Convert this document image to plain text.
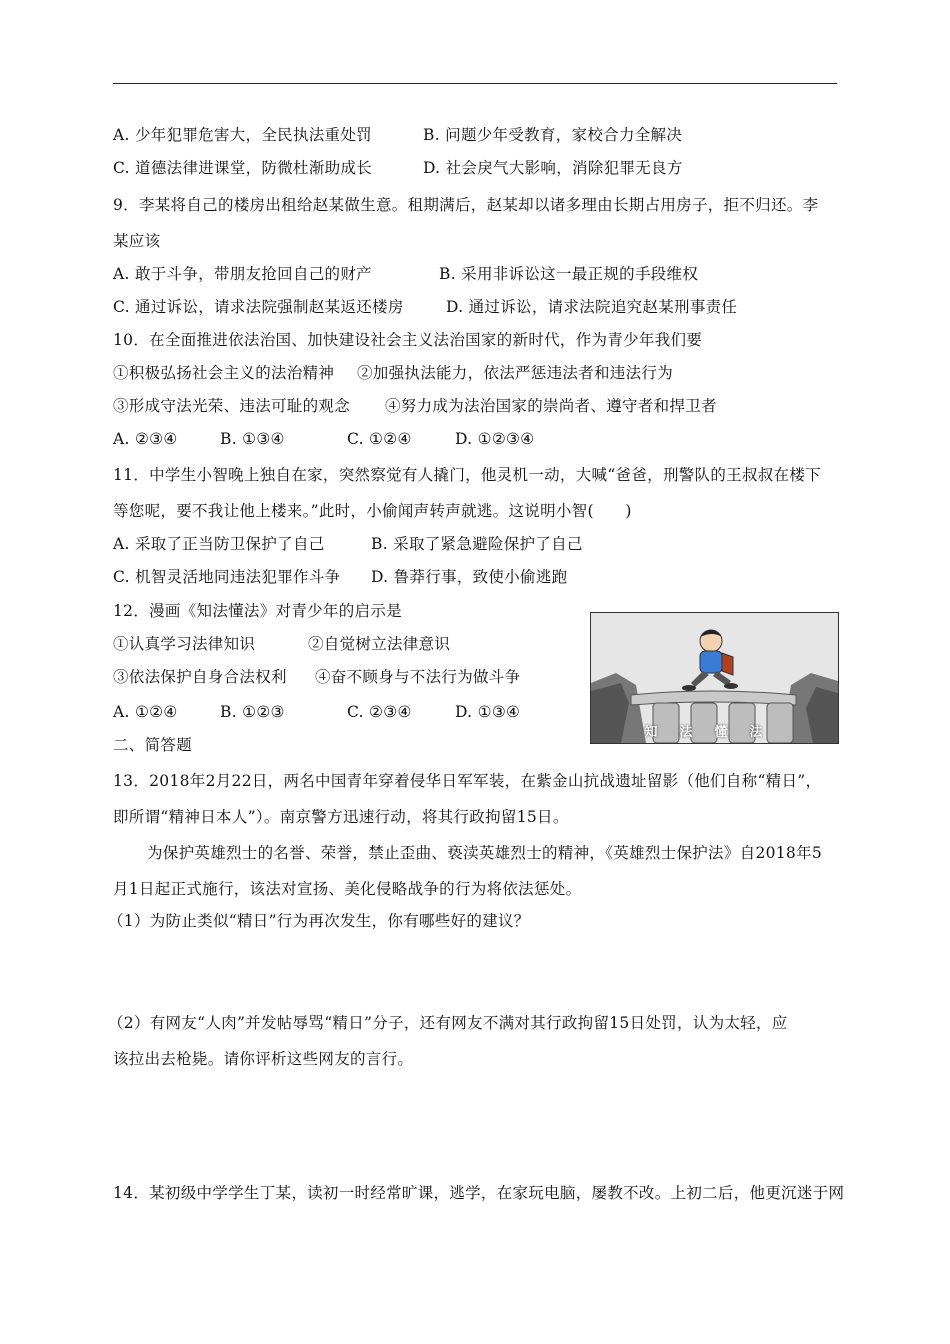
A. 少年犯罪危害大，全民执法重处罚	B. 问题少年受教育，家校合力全解决
C. 道德法律进课堂，防微杜渐助成长	D. 社会戾气大影响，消除犯罪无良方
9．李某将自己的楼房出租给赵某做生意。租期满后，赵某却以诸多理由长期占用房子，拒不归还。李
某应该
A. 敢于斗争，带朋友抢回自己的财产	B. 采用非诉讼这一最正规的手段维权
C. 通过诉讼，请求法院强制赵某返还楼房	D. 通过诉讼，请求法院追究赵某刑事责任
10．在全面推进依法治国、加快建设社会主义法治国家的新时代，作为青少年我们要
①积极弘扬社会主义的法治精神 ②加强执法能力，依法严惩违法者和违法行为
③形成守法光荣、违法可耻的观念 ④努力成为法治国家的崇尚者、遵守者和捍卫者
A. ②③④	B. ①③④	C. ①②④	D. ①②③④
11．中学生小智晚上独自在家，突然察觉有人撬门，他灵机一动，大喊“爸爸，刑警队的王叔叔在楼下
等您呢，要不我让他上楼来。”此时，小偷闻声转声就逃。这说明小智(　　)
A. 采取了正当防卫保护了自己	B. 采取了紧急避险保护了自己
C. 机智灵活地同违法犯罪作斗争 D. 鲁莽行事，致使小偷逃跑
12．漫画《知法懂法》对青少年的启示是
①认真学习法律知识	②自觉树立法律意识
③依法保护自身合法权利 ④奋不顾身与不法行为做斗争
A. ①②④	B. ①②③	C. ②③④	D. ①③④
知法懂法
二、简答题
13．2018年2月22日，两名中国青年穿着侵华日军军装，在紫金山抗战遗址留影（他们自称“精日”，
即所谓“精神日本人”）。南京警方迅速行动，将其行政拘留15日。
为保护英雄烈士的名誉、荣誉，禁止歪曲、亵渎英雄烈士的精神，《英雄烈士保护法》自2018年5
月1日起正式施行，该法对宣扬、美化侵略战争的行为将依法惩处。
（1）为防止类似“精日”行为再次发生，你有哪些好的建议？
（2）有网友“人肉”并发帖辱骂“精日”分子，还有网友不满对其行政拘留15日处罚，认为太轻，应
该拉出去枪毙。请你评析这些网友的言行。
14．某初级中学学生丁某，读初一时经常旷课，逃学，在家玩电脑，屡教不改。上初二后，他更沉迷于网
